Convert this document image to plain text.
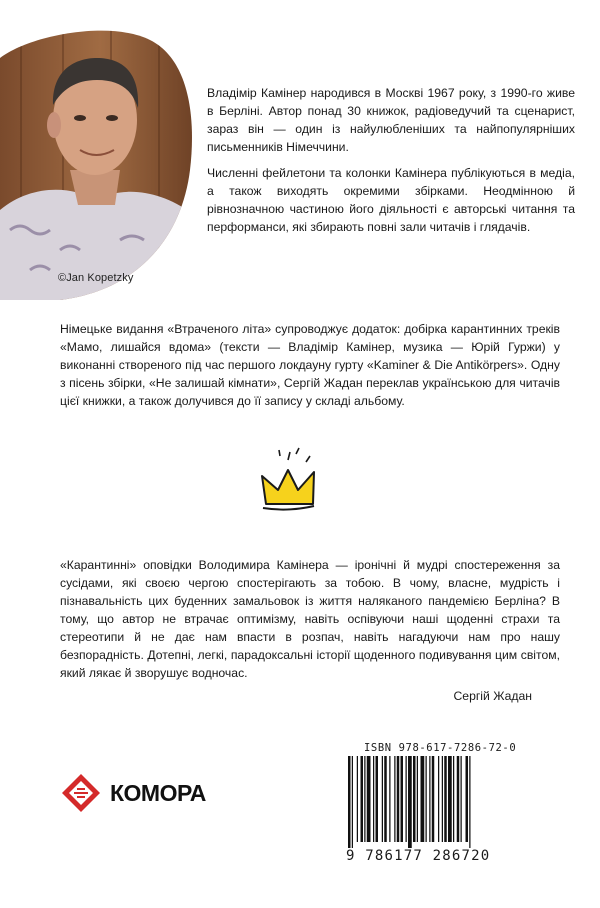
©Jan Kopetzky

Владімір Камінер народився в Москві 1967 року, з 1990-го живе в Берліні. Автор понад 30 книжок, радіоведучий та сценарист, зараз він — один із найулюбленіших та найпопулярніших письменників Німеччини.

Численні фейлетони та колонки Камінера публікуються в медіа, а також виходять окремими збірками. Неодмінною й рівнозначною частиною його діяльності є авторські читання та перформанси, які збирають повні зали читачів і глядачів.

Німецьке видання «Втраченого літа» супроводжує додаток: добірка карантинних треків «Мамо, лишайся вдома» (тексти — Владімір Камінер, музика — Юрій Гуржи) у виконанні створеного під час першого локдауну гурту «Kaminer & Die Antikörpers». Одну з пісень збірки, «Не залишай кімнати», Сергій Жадан переклав українською для читачів цієї книжки, а також долучився до її запису у складі альбому.

«Карантинні» оповідки Володимира Камінера — іронічні й мудрі спостереження за сусідами, які своєю чергою спостерігають за тобою. В чому, власне, мудрість і пізнавальність цих буденних замальовок із життя наляканого пандемією Берліна? В тому, що автор не втрачає оптимізму, навіть оспівуючи наші щоденні страхи та стереотипи й не дає нам впасти в розпач, навіть нагадуючи нам про нашу безпорадність. Дотепні, легкі, парадоксальні історії щоденного подивування цим світом, який лякає й зворушує водночас.

Сергій Жадан
КОМОРА
ISBN 978-617-7286-72-0
9 786177 286720
